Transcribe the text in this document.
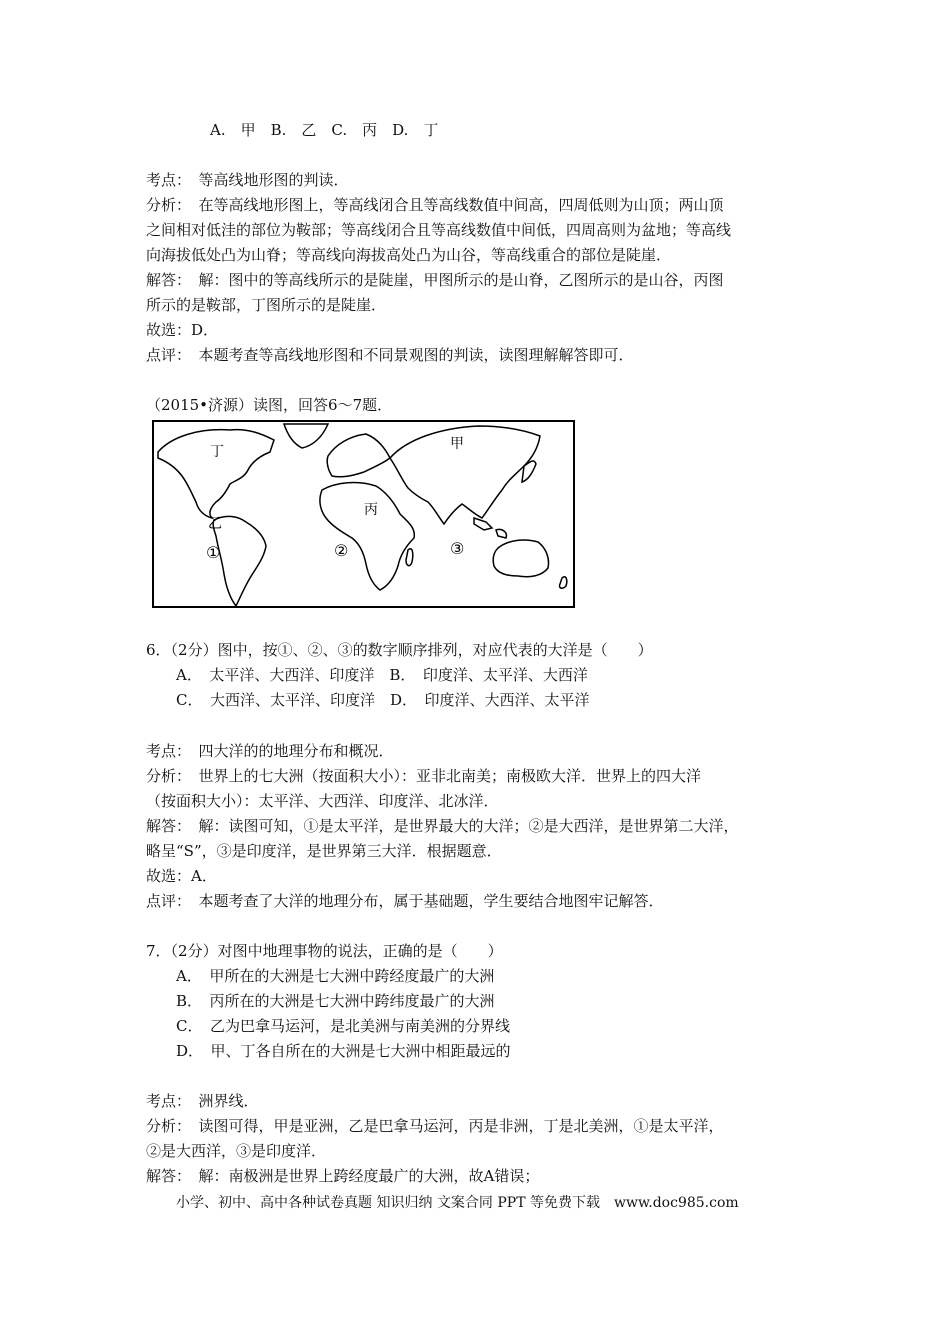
A.　甲　B.　乙　C.　丙　D.　丁
考点：　等高线地形图的判读．
分析：　在等高线地形图上，等高线闭合且等高线数值中间高，四周低则为山顶；两山顶
之间相对低洼的部位为鞍部；等高线闭合且等高线数值中间低，四周高则为盆地；等高线
向海拔低处凸为山脊；等高线向海拔高处凸为山谷，等高线重合的部位是陡崖．
解答：　解：图中的等高线所示的是陡崖，甲图所示的是山脊，乙图所示的是山谷，丙图
所示的是鞍部，丁图所示的是陡崖．
故选：D．
点评：　本题考查等高线地形图和不同景观图的判读，读图理解解答即可．
（2015•济源）读图，回答6～7题．
丁
乙
甲
丙
①	②	③
6．（2分）图中，按①、②、③的数字顺序排列，对应代表的大洋是（　　）
A．　太平洋、大西洋、印度洋　B．　印度洋、太平洋、大西洋
C．　大西洋、太平洋、印度洋　D．　印度洋、大西洋、太平洋
考点：　四大洋的的地理分布和概况．
分析：　世界上的七大洲（按面积大小）：亚非北南美；南极欧大洋．世界上的四大洋
（按面积大小）：太平洋、大西洋、印度洋、北冰洋．
解答：　解：读图可知，①是太平洋，是世界最大的大洋；②是大西洋，是世界第二大洋，
略呈“S”，③是印度洋，是世界第三大洋．根据题意．
故选：A．
点评：　本题考查了大洋的地理分布，属于基础题，学生要结合地图牢记解答．
7．（2分）对图中地理事物的说法，正确的是（　　）
A．　甲所在的大洲是七大洲中跨经度最广的大洲
B．　丙所在的大洲是七大洲中跨纬度最广的大洲
C．　乙为巴拿马运河，是北美洲与南美洲的分界线
D．　甲、丁各自所在的大洲是七大洲中相距最远的
考点：　洲界线．
分析：　读图可得，甲是亚洲，乙是巴拿马运河，丙是非洲，丁是北美洲，①是太平洋，
②是大西洋，③是印度洋．
解答：　解：南极洲是世界上跨经度最广的大洲，故A错误；
小学、初中、高中各种试卷真题 知识归纳 文案合同 PPT 等免费下载　www.doc985.com
